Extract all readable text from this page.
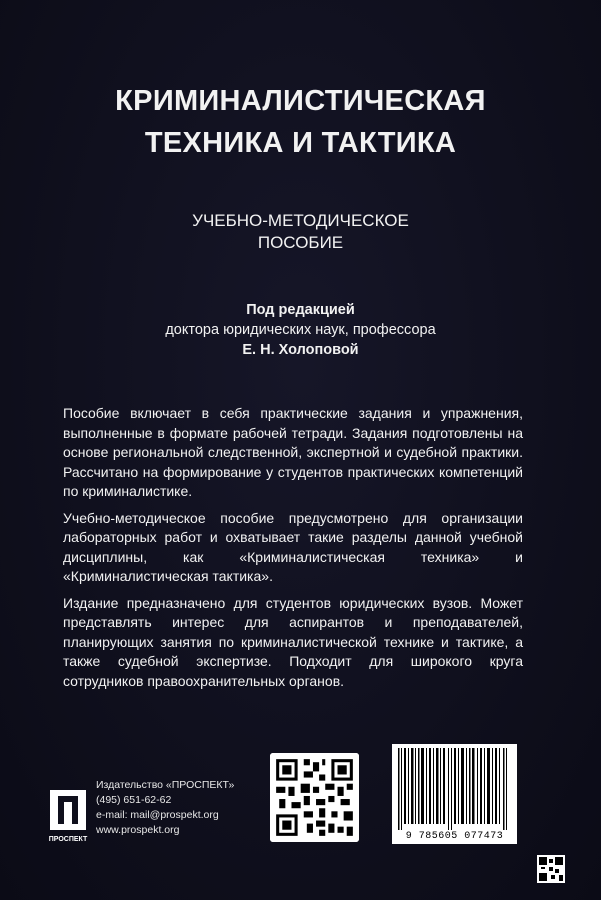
КРИМИНАЛИСТИЧЕСКАЯ
ТЕХНИКА И ТАКТИКА
УЧЕБНО-МЕТОДИЧЕСКОЕ
ПОСОБИЕ
Под редакцией
доктора юридических наук, профессора
Е. Н. Холоповой

Пособие включает в себя практические задания и упражнения, выполненные в формате рабочей тетради. Задания подготовлены на основе региональной следственной, экспертной и судебной практики. Рассчитано на формирование у студентов практических компетенций по криминалистике.

Учебно-методическое пособие предусмотрено для организации лабораторных работ и охватывает такие разделы данной учебной дисциплины, как «Криминалистическая техника» и «Криминалистическая тактика».

Издание предназначено для студентов юридических вузов. Может представлять интерес для аспирантов и преподавателей, планирующих занятия по криминалистической технике и тактике, а также судебной экспертизе. Подходит для широкого круга сотрудников правоохранительных органов.

ПРОСПЕКТ
Издательство «ПРОСПЕКТ»
(495) 651-62-62
e-mail: mail@prospekt.org
www.prospekt.org
9 785605 077473
